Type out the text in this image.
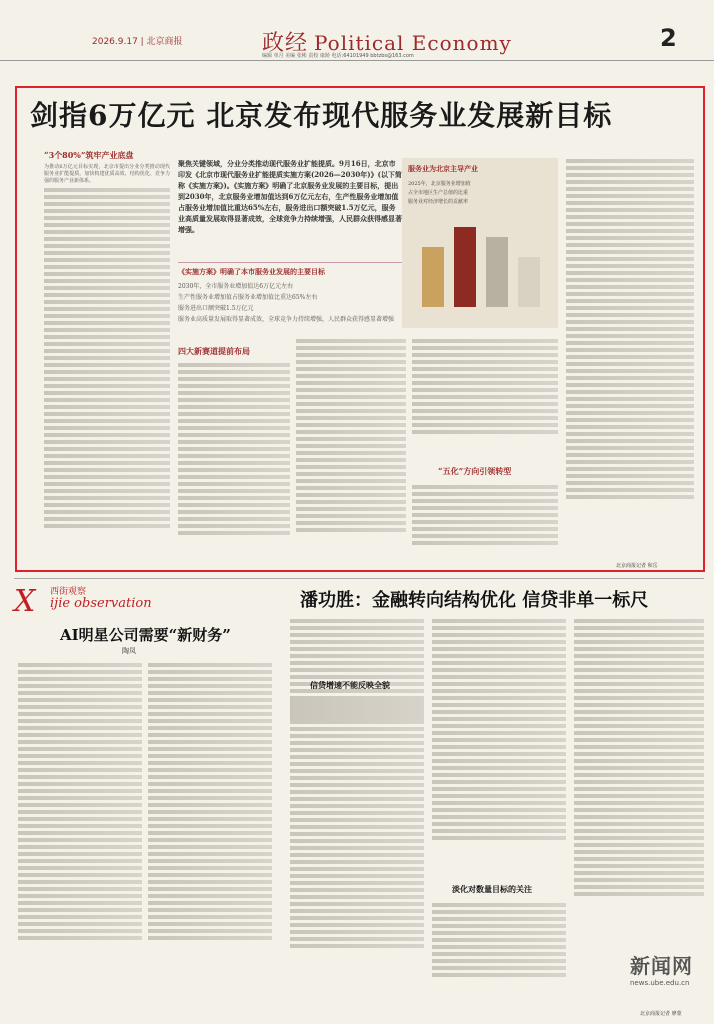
2026.9.17 | 北京商报	政经 Political Economy
编辑 单月 美编 张彬 责校 康龄 电话:64101949 bbtzbs@163.com
2
剑指6万亿元 北京发布现代服务业发展新目标
“3个80%”筑牢产业底盘
为推动6万亿元目标实现，北京市提出分业分类推动现代服务业扩能提质，加快构建优质高效、结构优化、竞争力强的服务产业新体系。
聚焦关键领域，分业分类推动现代服务业扩能提质。9月16日，北京市印发《北京市现代服务业扩能提质实施方案(2026—2030年)》(以下简称《实施方案》)。《实施方案》明确了北京服务业发展的主要目标，提出到2030年，北京服务业增加值达到6万亿元左右，生产性服务业增加值占服务业增加值比重达65%左右，服务进出口额突破1.5万亿元，服务业高质量发展取得显著成效，全球竞争力持续增强，人民群众获得感显著增强。
《实施方案》明确了本市服务业发展的主要目标
2030年，全市服务业增加值达6万亿元左右
生产性服务业增加值占服务业增加值比重达65%左右
服务进出口额突破1.5万亿元
服务业高质量发展取得显著成效，全球竞争力持续增强，人民群众获得感显著增强
服务业为北京主导产业
2025年，北京服务业增加值
占全市地区生产总值的比重
服务业对经济增长的贡献率
四大新赛道提前布局
“五化”方向引领转型
北京商报记者 和岳
X	西街观察
ijie observation
AI明星公司需要“新财务”
陶凤
潘功胜：金融转向结构优化 信贷非单一标尺
信贷增速不能反映全貌
淡化对数量目标的关注
北京商报记者 廖蒙
新闻网
news.ube.edu.cn
